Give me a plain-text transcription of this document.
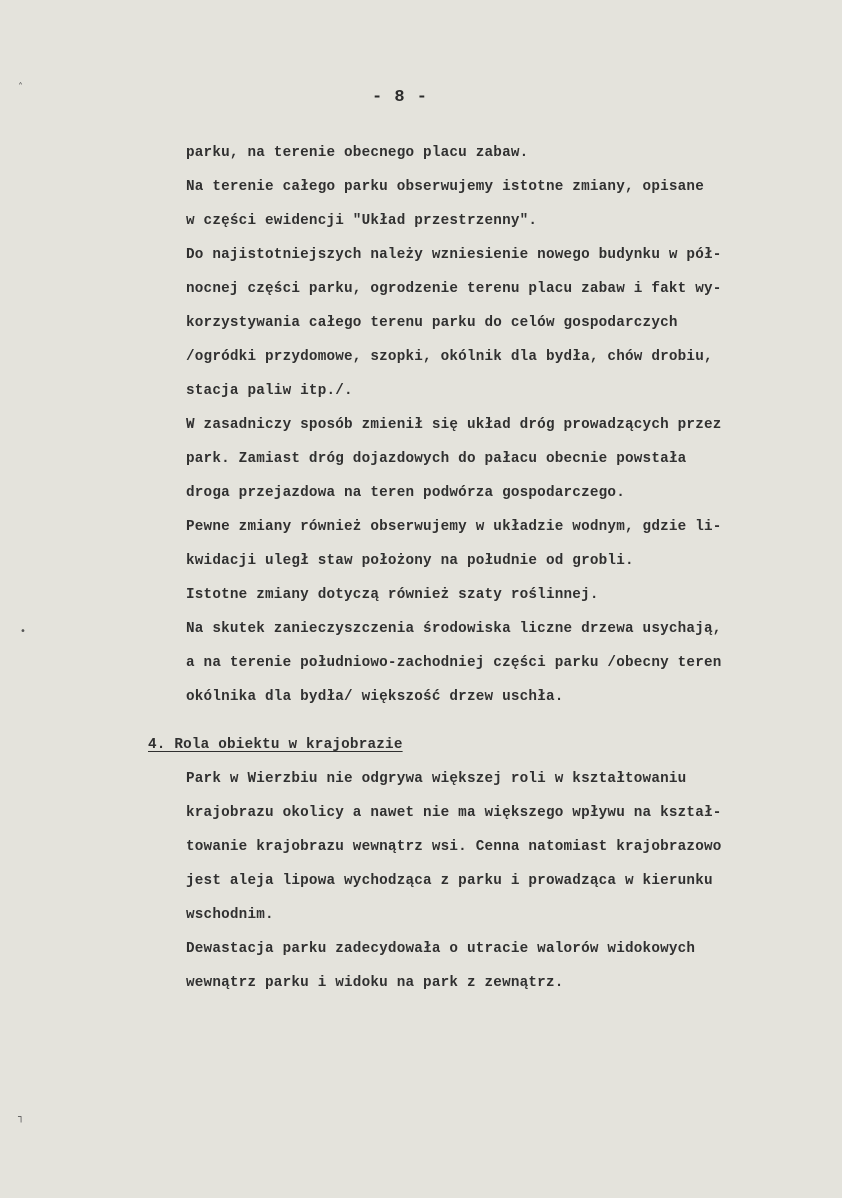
˄
•
┐
- 8 -
parku, na terenie obecnego placu zabaw.
Na terenie całego parku obserwujemy istotne zmiany, opisane
w części ewidencji "Układ przestrzenny".
Do najistotniejszych należy wzniesienie nowego budynku w pół-
nocnej części parku, ogrodzenie terenu placu zabaw i fakt wy-
korzystywania całego terenu parku do celów gospodarczych
/ogródki przydomowe, szopki, okólnik dla bydła, chów drobiu,
stacja paliw itp./.
W zasadniczy sposób zmienił się układ dróg prowadzących przez
park. Zamiast dróg dojazdowych do pałacu obecnie powstała
droga przejazdowa na teren podwórza gospodarczego.
Pewne zmiany również obserwujemy w układzie wodnym, gdzie li-
kwidacji uległ staw położony na południe od grobli.
Istotne zmiany dotyczą również szaty roślinnej.
Na skutek zanieczyszczenia środowiska liczne drzewa usychają,
a na terenie południowo-zachodniej części parku /obecny teren
okólnika dla bydła/ większość drzew uschła.
4. Rola obiektu w krajobrazie
Park w Wierzbiu nie odgrywa większej roli w kształtowaniu
krajobrazu okolicy a nawet nie ma większego wpływu na kształ-
towanie krajobrazu wewnątrz wsi. Cenna natomiast krajobrazowo
jest aleja lipowa wychodząca z parku i prowadząca w kierunku
wschodnim.
Dewastacja parku zadecydowała o utracie walorów widokowych
wewnątrz parku i widoku na park z zewnątrz.
